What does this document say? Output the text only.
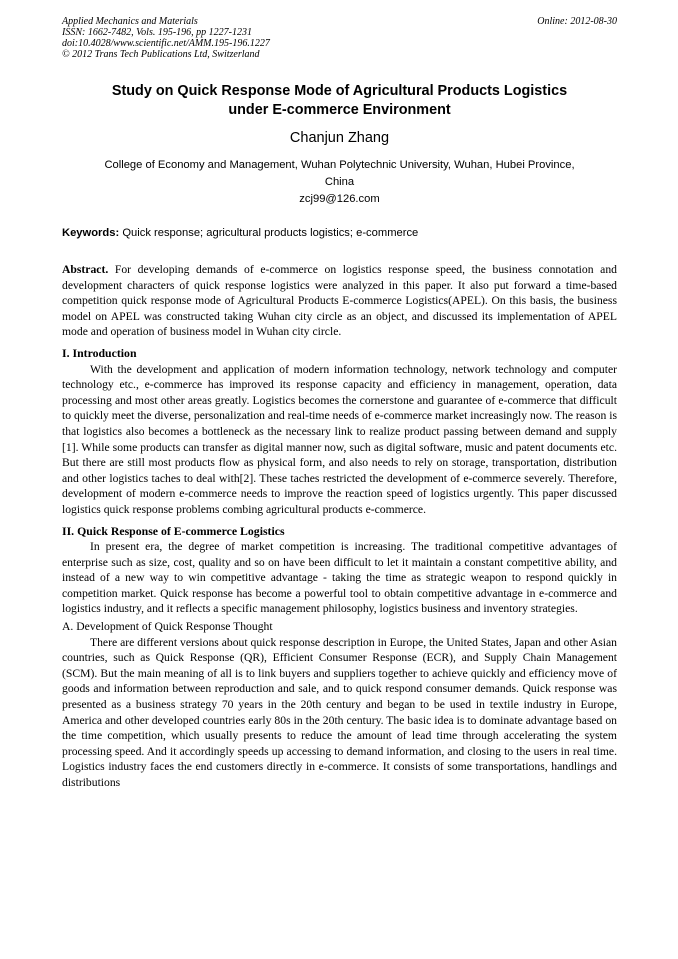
Applied Mechanics and Materials
ISSN: 1662-7482, Vols. 195-196, pp 1227-1231
doi:10.4028/www.scientific.net/AMM.195-196.1227
© 2012 Trans Tech Publications Ltd, Switzerland
Online: 2012-08-30
Study on Quick Response Mode of Agricultural Products Logistics
under E-commerce Environment
Chanjun Zhang
College of Economy and Management, Wuhan Polytechnic University, Wuhan, Hubei Province,
China
zcj99@126.com
Keywords: Quick response; agricultural products logistics; e-commerce

Abstract. For developing demands of e-commerce on logistics response speed, the business connotation and development characters of quick response logistics were analyzed in this paper. It also put forward a time-based competition quick response mode of Agricultural Products E-commerce Logistics(APEL). On this basis, the business model on APEL was constructed taking Wuhan city circle as an object, and discussed its implementation of APEL mode and operation of business model in Wuhan city circle.

I. Introduction

With the development and application of modern information technology, network technology and computer technology etc., e-commerce has improved its response capacity and efficiency in management, operation, data processing and most other areas greatly. Logistics becomes the cornerstone and guarantee of e-commerce that difficult to quickly meet the diverse, personalization and real-time needs of e-commerce market increasingly now. The reason is that logistics also becomes a bottleneck as the necessary link to realize product passing between demand and supply [1]. While some products can transfer as digital manner now, such as digital software, music and patent documents etc. But there are still most products flow as physical form, and also needs to rely on storage, transportation, distribution and other logistics taches to deal with[2]. These taches restricted the development of e-commerce severely. Therefore, development of modern e-commerce needs to improve the reaction speed of logistics urgently. This paper discussed logistics quick response problems combing agricultural products e-commerce.

II. Quick Response of E-commerce Logistics

In present era, the degree of market competition is increasing. The traditional competitive advantages of enterprise such as size, cost, quality and so on have been difficult to let it maintain a constant competitive ability, and instead of a new way to win competitive advantage - taking the time as strategic weapon to respond quickly in competition market. Quick response has become a powerful tool to obtain competitive advantage in e-commerce and logistics industry, and it reflects a specific management philosophy, logistics business and inventory strategies.

A. Development of Quick Response Thought

There are different versions about quick response description in Europe, the United States, Japan and other Asian countries, such as Quick Response (QR), Efficient Consumer Response (ECR), and Supply Chain Management (SCM). But the main meaning of all is to link buyers and suppliers together to achieve quickly and efficiency move of goods and information between reproduction and sale, and to quick respond consumer demands. Quick response was presented as a business strategy 70 years in the 20th century and began to be used in textile industry in Europe, America and other developed countries early 80s in the 20th century. The basic idea is to dominate advantage based on the time competition, which usually presents to reduce the amount of lead time through accelerating the system processing speed. And it accordingly speeds up accessing to demand information, and closing to the users in real time. Logistics industry faces the end customers directly in e-commerce. It consists of some transportations, handlings and distributions
